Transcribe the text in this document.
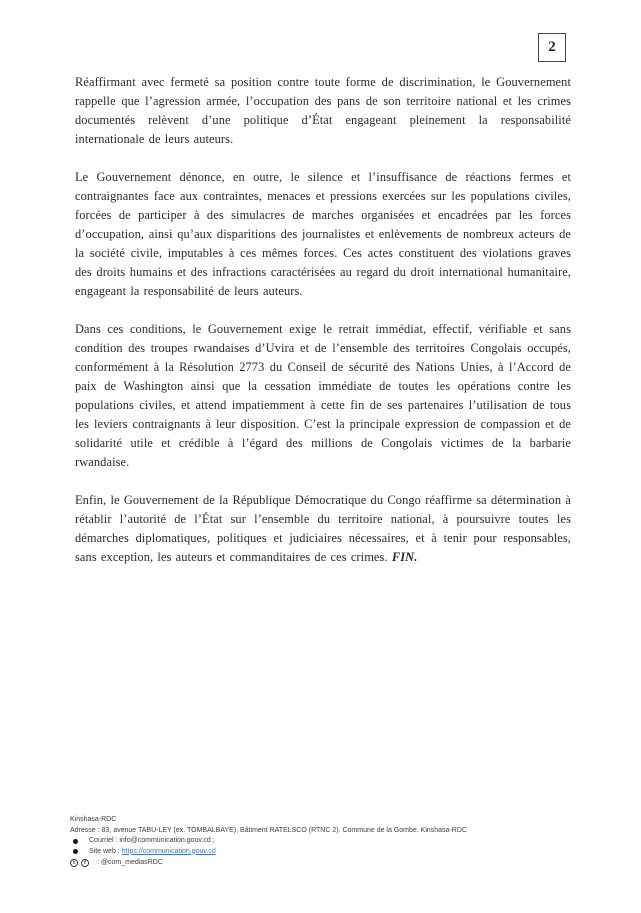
2

Réaffirmant avec fermeté sa position contre toute forme de discrimination, le Gouvernement rappelle que l’agression armée, l’occupation des pans de son territoire national et les crimes documentés relèvent d’une politique d’État engageant pleinement la responsabilité internationale de leurs auteurs.

Le Gouvernement dénonce, en outre, le silence et l’insuffisance de réactions fermes et contraignantes face aux contraintes, menaces et pressions exercées sur les populations civiles, forcées de participer à des simulacres de marches organisées et encadrées par les forces d’occupation, ainsi qu’aux disparitions des journalistes et enlèvements de nombreux acteurs de la société civile, imputables à ces mêmes forces. Ces actes constituent des violations graves des droits humains et des infractions caractérisées au regard du droit international humanitaire, engageant la responsabilité de leurs auteurs.

Dans ces conditions, le Gouvernement exige le retrait immédiat, effectif, vérifiable et sans condition des troupes rwandaises d’Uvira et de l’ensemble des territoires Congolais occupés, conformément à la Résolution 2773 du Conseil de sécurité des Nations Unies, à l’Accord de paix de Washington ainsi que la cessation immédiate de toutes les opérations contre les populations civiles, et attend impatiemment à cette fin de ses partenaires l’utilisation de tous les leviers contraignants à leur disposition. C’est la principale expression de compassion et de solidarité utile et crédible à l’égard des millions de Congolais victimes de la barbarie rwandaise.

Enfin, le Gouvernement de la République Démocratique du Congo réaffirme sa détermination à rétablir l’autorité de l’État sur l’ensemble du territoire national, à poursuivre toutes les démarches diplomatiques, politiques et judiciaires nécessaires, et à tenir pour responsables, sans exception, les auteurs et commanditaires de ces crimes. FIN.

Kinshasa-RDC
Adresse : 83, avenue TABU-LEY (ex. TOMBALBAYE), Bâtiment RATELSCO (RTNC 2). Commune de la Gombe. Kinshasa-RDC
Courriel : info@communication.gouv.cd ;
Site web :
https://communication.gouv.cd
t	f	: @com_mediasRDC
